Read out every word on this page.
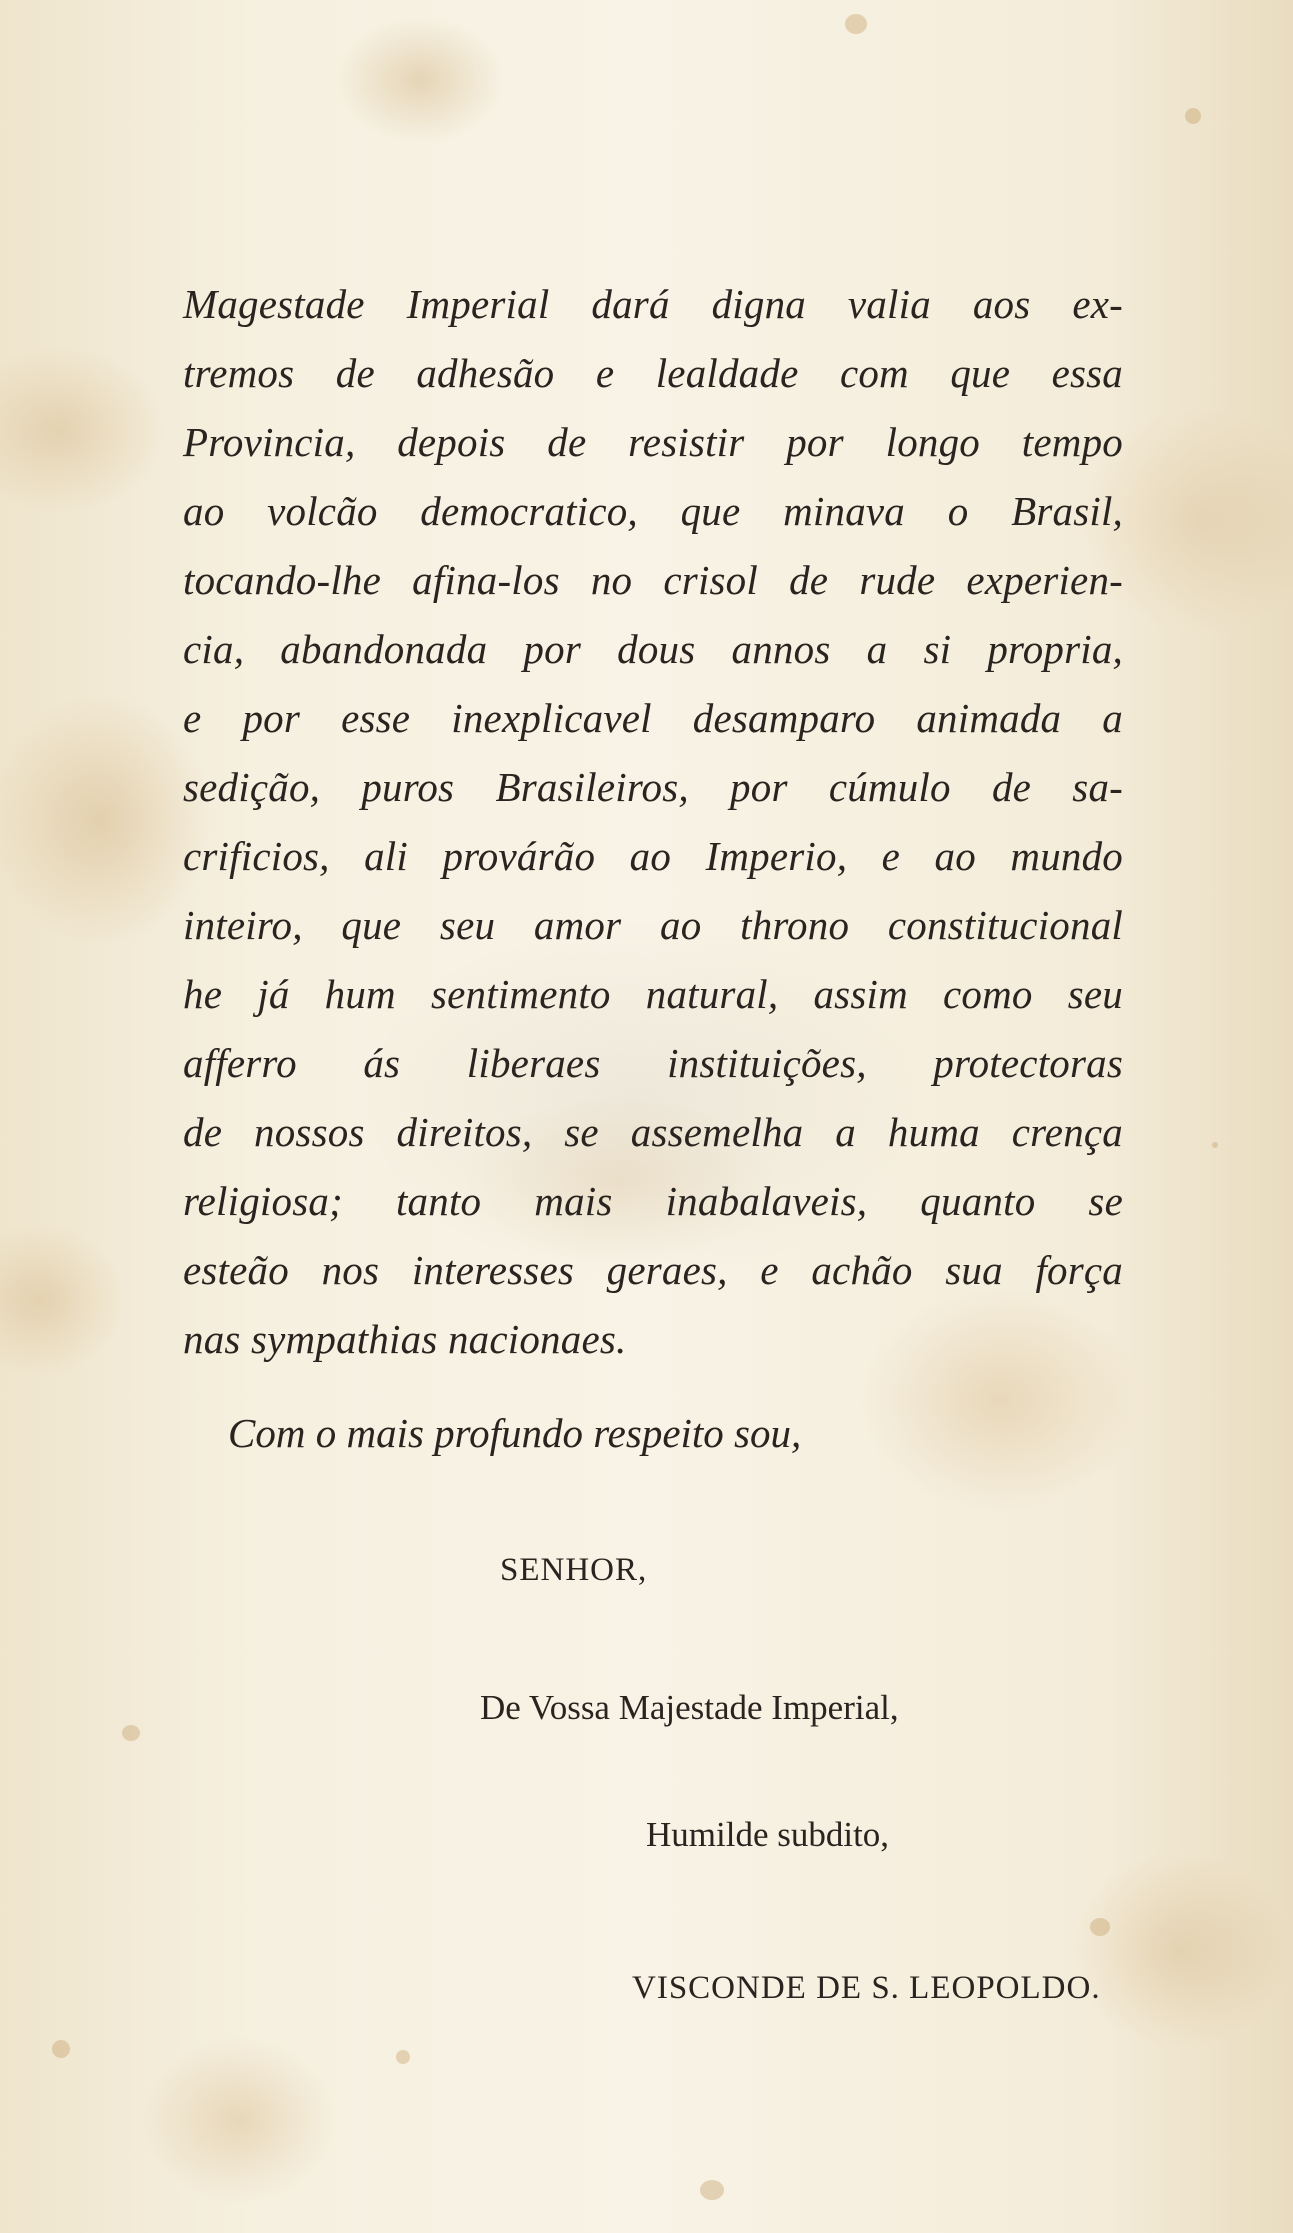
Magestade Imperial dará digna valia aos ex-
tremos de adhesão e lealdade com que essa
Provincia, depois de resistir por longo tempo
ao volcão democratico, que minava o Brasil,
tocando-lhe afina-los no crisol de rude experien-
cia, abandonada por dous annos a si propria,
e por esse inexplicavel desamparo animada a
sedição, puros Brasileiros, por cúmulo de sa-
crificios, ali provárão ao Imperio, e ao mundo
inteiro, que seu amor ao throno constitucional
he já hum sentimento natural, assim como seu
afferro ás liberaes instituições, protectoras
de nossos direitos, se assemelha a huma crença
religiosa; tanto mais inabalaveis, quanto se
esteão nos interesses geraes, e achão sua força
nas sympathias nacionaes.
Com o mais profundo respeito sou,
SENHOR,
De Vossa Majestade Imperial,
Humilde subdito,
VISCONDE DE S. LEOPOLDO.
